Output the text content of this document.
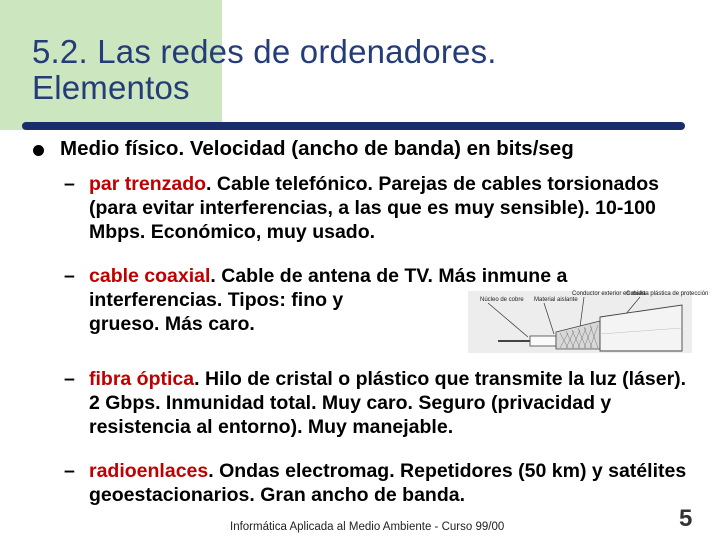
5.2. Las redes de ordenadores.
Elementos
Medio físico. Velocidad (ancho de banda) en bits/seg
– par trenzado. Cable telefónico. Parejas de cables torsionados (para evitar interferencias, a las que es muy sensible). 10-100 Mbps. Económico, muy usado.
– cable coaxial. Cable de antena de TV. Más inmune a
interferencias. Tipos: fino y
grueso. Más caro.
Núcleo de cobre Material aislante
Conductor exterior en malla
Cubierta plástica de protección
– fibra óptica. Hilo de cristal o plástico que transmite la luz (láser). 2 Gbps. Inmunidad total. Muy caro. Seguro (privacidad y resistencia al entorno). Muy manejable.
– radioenlaces. Ondas electromag. Repetidores (50 km) y satélites geoestacionarios. Gran ancho de banda.
Informática Aplicada al Medio Ambiente - Curso 99/00	5
